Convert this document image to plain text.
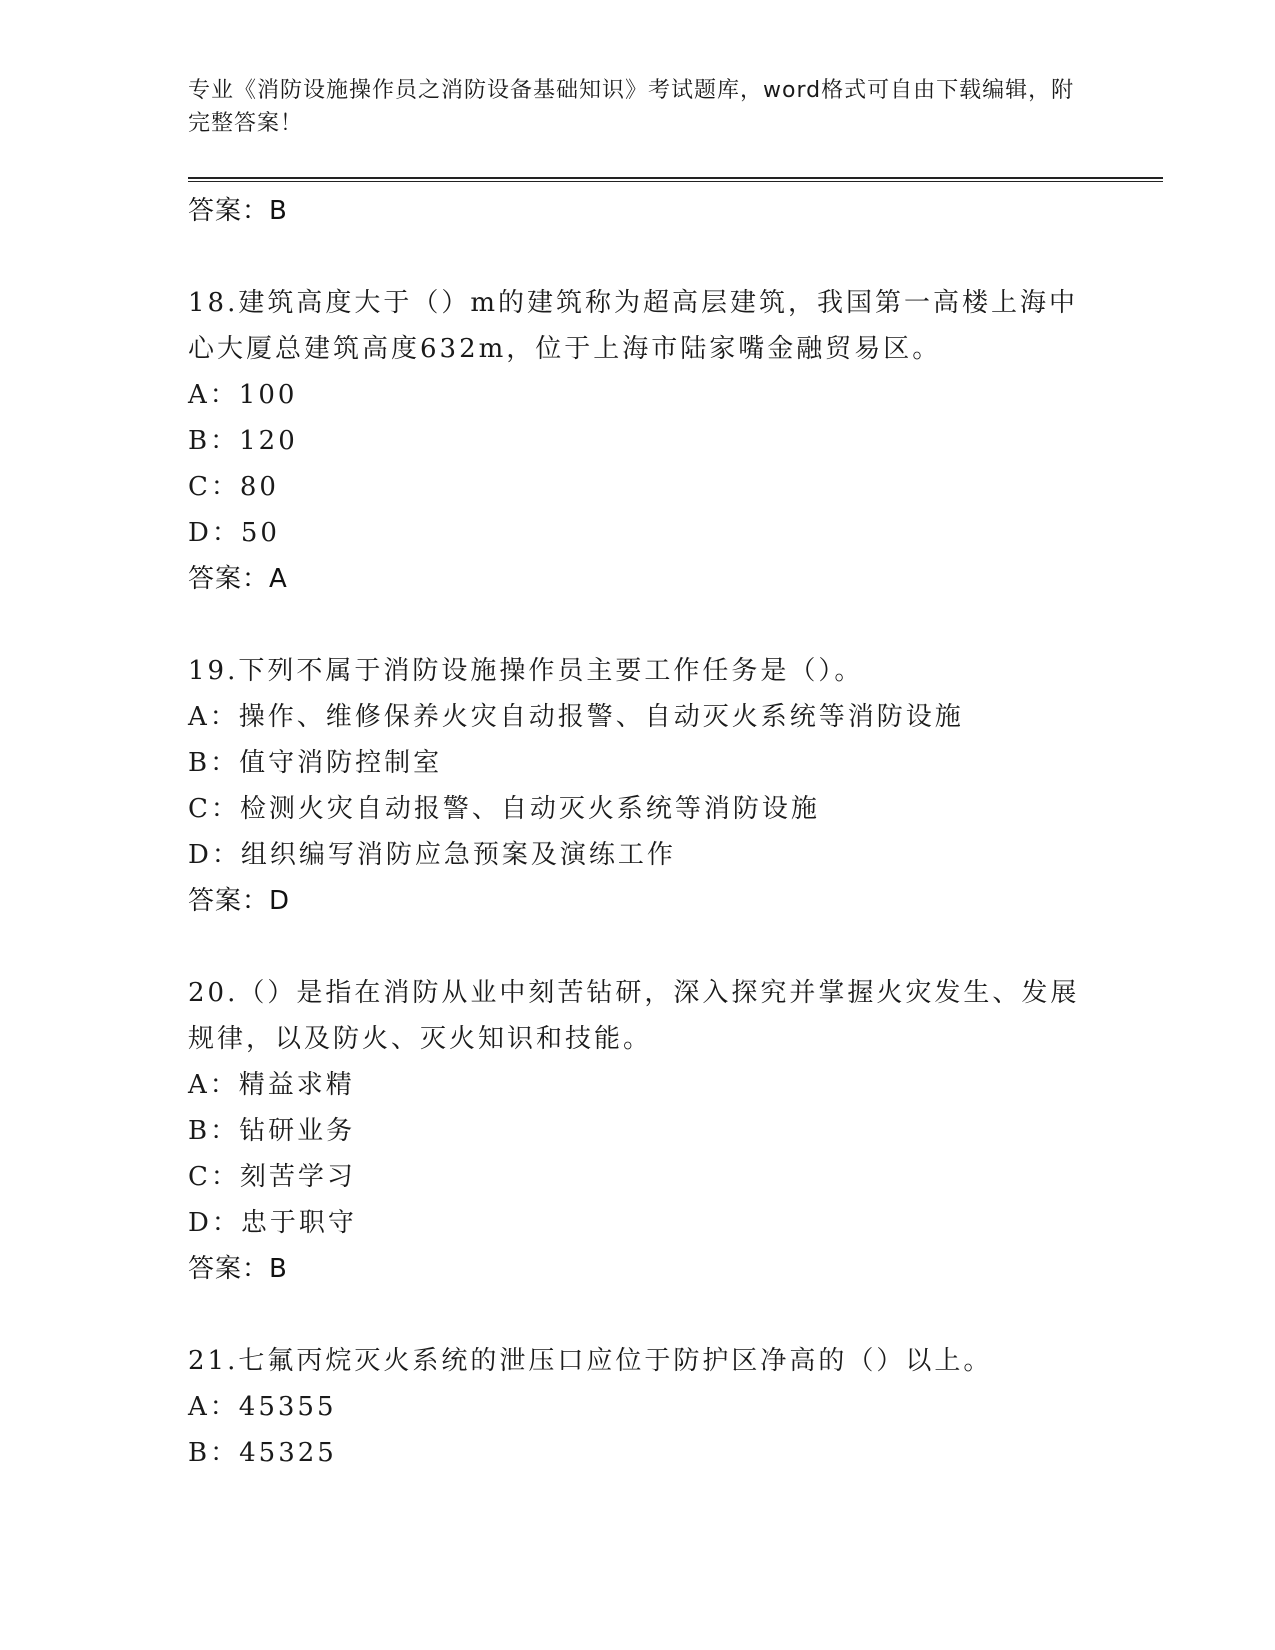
专业《消防设施操作员之消防设备基础知识》考试题库，word格式可自由下载编辑，附完整答案！
答案：B
18.建筑高度大于（）m的建筑称为超高层建筑，我国第一高楼上海中心大厦总建筑高度632m，位于上海市陆家嘴金融贸易区。
A：100
B：120
C：80
D：50
答案：A
19.下列不属于消防设施操作员主要工作任务是（）。
A：操作、维修保养火灾自动报警、自动灭火系统等消防设施
B：值守消防控制室
C：检测火灾自动报警、自动灭火系统等消防设施
D：组织编写消防应急预案及演练工作
答案：D
20.（）是指在消防从业中刻苦钻研，深入探究并掌握火灾发生、发展规律，以及防火、灭火知识和技能。
A：精益求精
B：钻研业务
C：刻苦学习
D：忠于职守
答案：B
21.七氟丙烷灭火系统的泄压口应位于防护区净高的（）以上。
A：45355
B：45325
